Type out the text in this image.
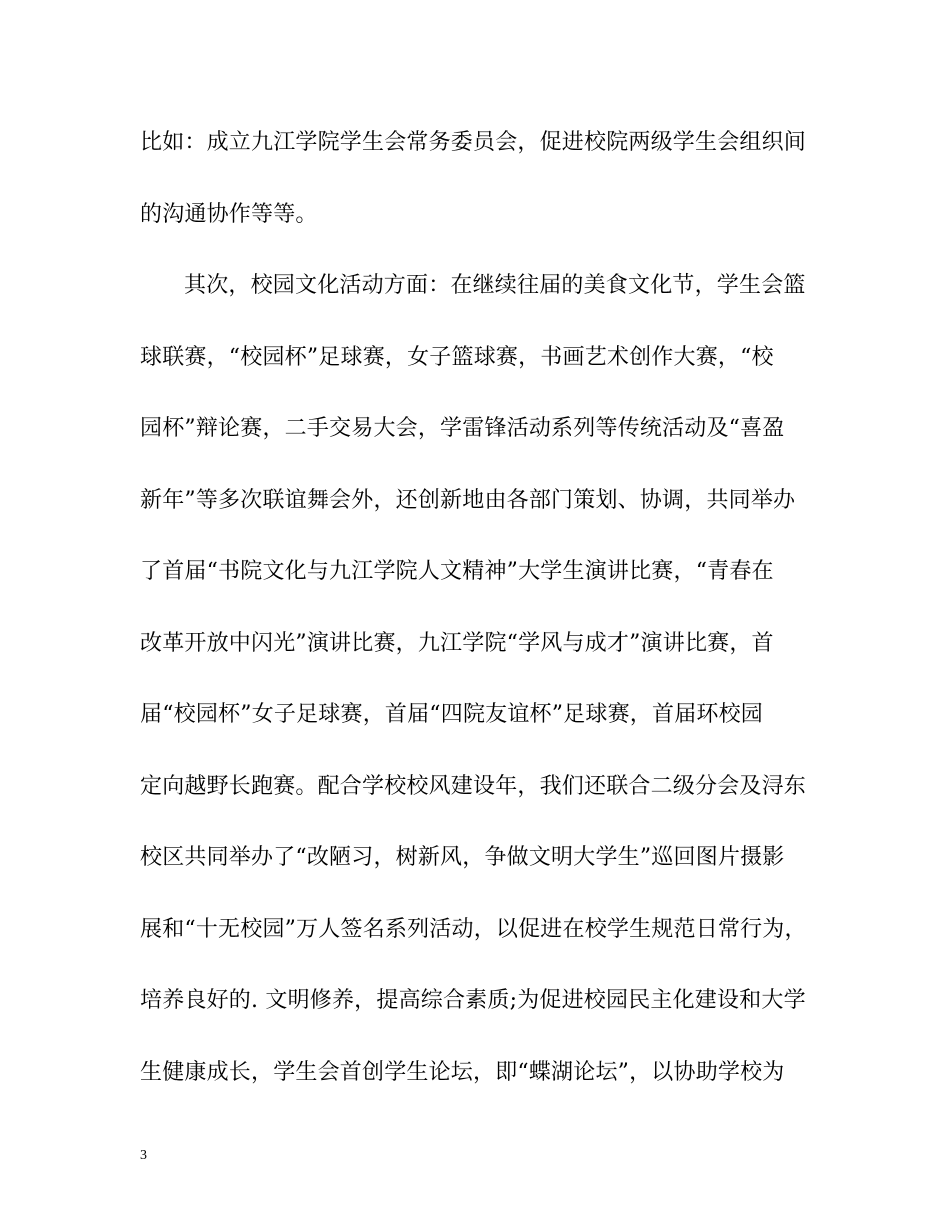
比如：成立九江学院学生会常务委员会，促进校院两级学生会组织间
的沟通协作等等。
其次，校园文化活动方面：在继续往届的美食文化节，学生会篮
球联赛，“校园杯”足球赛，女子篮球赛，书画艺术创作大赛，“校
园杯”辩论赛，二手交易大会，学雷锋活动系列等传统活动及“喜盈
新年”等多次联谊舞会外，还创新地由各部门策划、协调，共同举办
了首届“书院文化与九江学院人文精神”大学生演讲比赛，“青春在
改革开放中闪光”演讲比赛，九江学院“学风与成才”演讲比赛，首
届“校园杯”女子足球赛，首届“四院友谊杯”足球赛，首届环校园
定向越野长跑赛。配合学校校风建设年，我们还联合二级分会及浔东
校区共同举办了“改陋习，树新风，争做文明大学生”巡回图片摄影
展和“十无校园”万人签名系列活动，以促进在校学生规范日常行为，
培养良好的. 文明修养，提高综合素质;为促进校园民主化建设和大学
生健康成长，学生会首创学生论坛，即“蝶湖论坛”，以协助学校为
3
